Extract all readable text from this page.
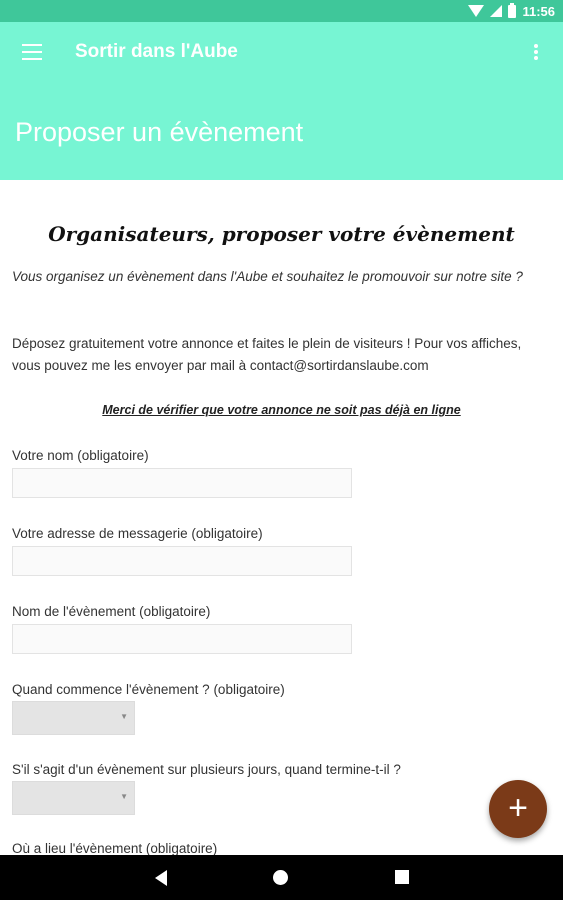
11:56
Sortir dans l'Aube
Proposer un évènement
Organisateurs, proposer votre évènement
Vous organisez un évènement dans l'Aube et souhaitez le promouvoir sur notre site ?
Déposez gratuitement votre annonce et faites le plein de visiteurs ! Pour vos affiches, vous pouvez me les envoyer par mail à contact@sortirdanslaube.com
Merci de vérifier que votre annonce ne soit pas déjà en ligne
Votre nom (obligatoire)
Votre adresse de messagerie (obligatoire)
Nom de l'évènement (obligatoire)
Quand commence l'évènement ? (obligatoire)
▼
S'il s'agit d'un évènement sur plusieurs jours, quand termine-t-il ?
▼
Où a lieu l'évènement (obligatoire)
+
